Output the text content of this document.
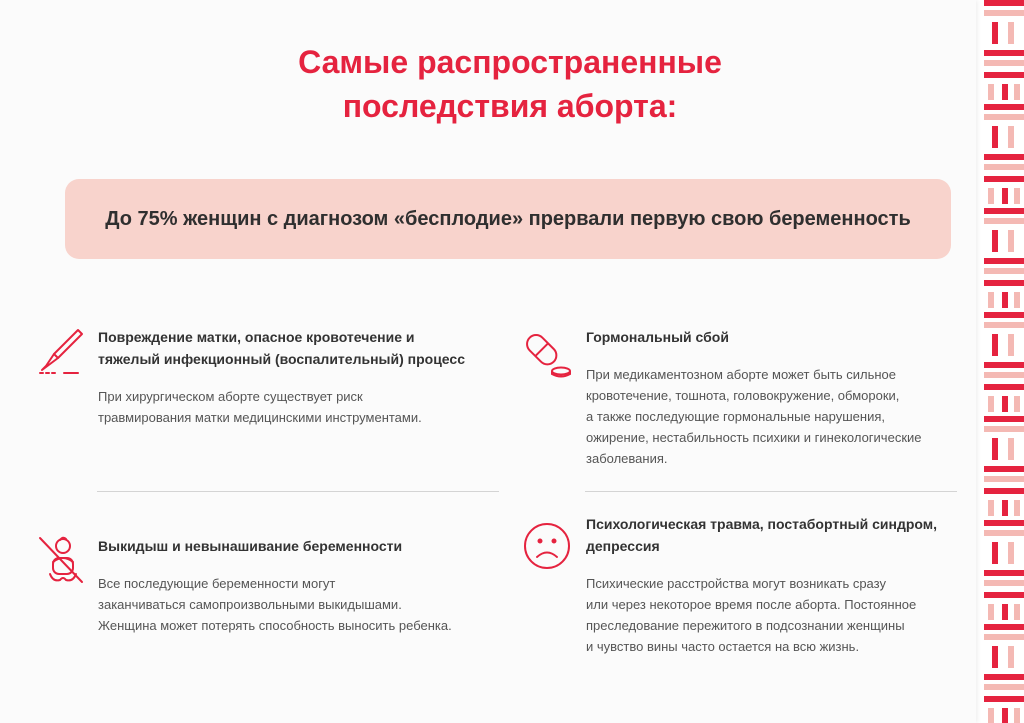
Самые распространенные
последствия аборта:
До 75% женщин с диагнозом «бесплодие» прервали первую свою беременность

Повреждение матки, опасное кровотечение и
тяжелый инфекционный (воспалительный) процесс

При хирургическом аборте существует риск
травмирования матки медицинскими инструментами.

Гормональный сбой

При медикаментозном аборте может быть сильное
кровотечение, тошнота, головокружение, обмороки,
а также последующие гормональные нарушения,
ожирение, нестабильность психики и гинекологические
заболевания.

Выкидыш и невынашивание беременности

Все последующие беременности могут
заканчиваться самопроизвольными выкидышами.
Женщина может потерять способность выносить ребенка.

Психологическая травма, постабортный синдром,
депрессия

Психические расстройства могут возникать сразу
или через некоторое время после аборта. Постоянное
преследование пережитого в подсознании женщины
и чувство вины часто остается на всю жизнь.
